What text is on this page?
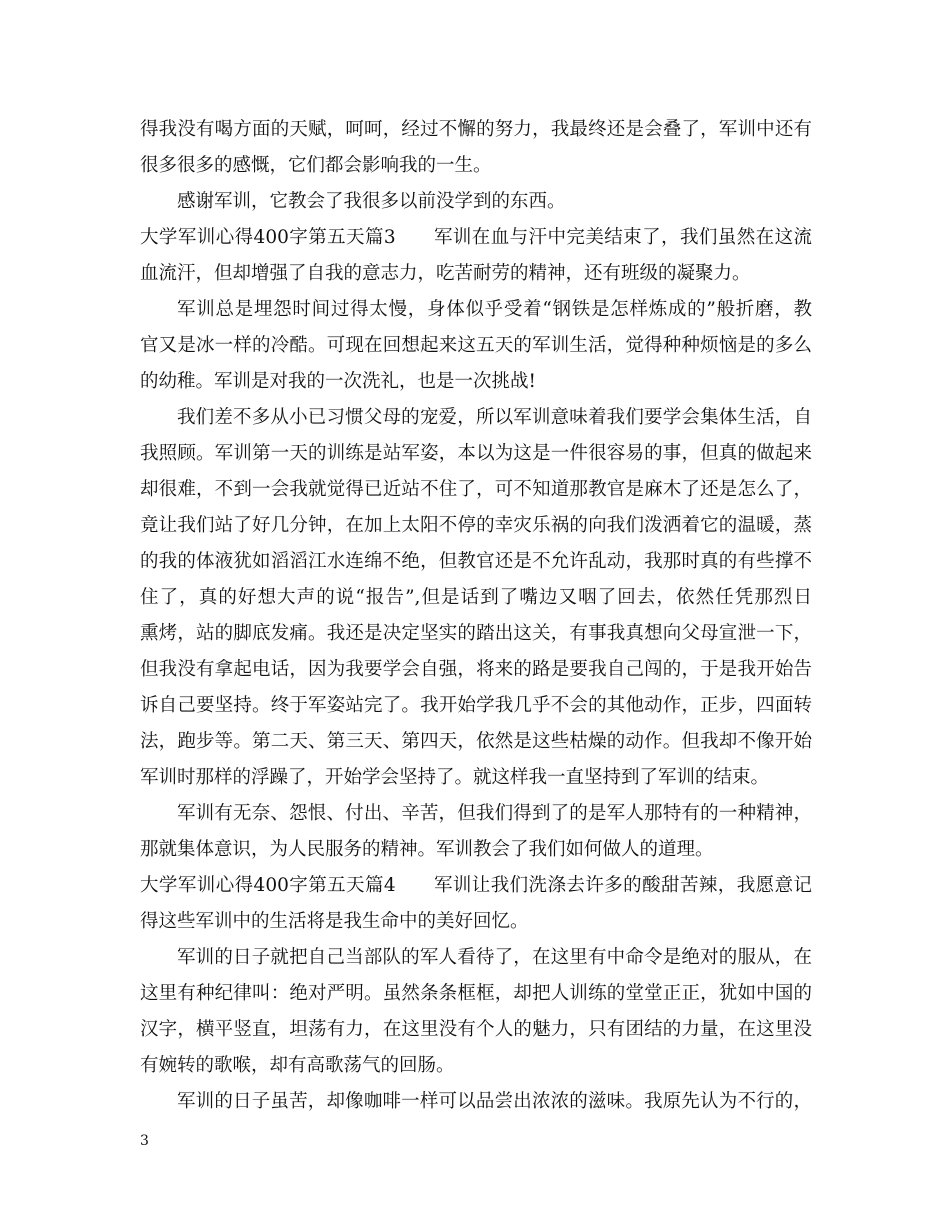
得我没有喝方面的天赋，呵呵，经过不懈的努力，我最终还是会叠了，军训中还有
很多很多的感慨，它们都会影响我的一生。
感谢军训，它教会了我很多以前没学到的东西。
大学军训心得400字第五天篇3　　军训在血与汗中完美结束了，我们虽然在这流
血流汗，但却增强了自我的意志力，吃苦耐劳的精神，还有班级的凝聚力。
军训总是埋怨时间过得太慢，身体似乎受着“钢铁是怎样炼成的”般折磨，教
官又是冰一样的冷酷。可现在回想起来这五天的军训生活，觉得种种烦恼是的多么
的幼稚。军训是对我的一次洗礼，也是一次挑战!
我们差不多从小已习惯父母的宠爱，所以军训意味着我们要学会集体生活，自
我照顾。军训第一天的训练是站军姿，本以为这是一件很容易的事，但真的做起来
却很难，不到一会我就觉得已近站不住了，可不知道那教官是麻木了还是怎么了，
竟让我们站了好几分钟，在加上太阳不停的幸灾乐祸的向我们泼洒着它的温暖，蒸
的我的体液犹如滔滔江水连绵不绝，但教官还是不允许乱动，我那时真的有些撑不
住了，真的好想大声的说“报告”,但是话到了嘴边又咽了回去，依然任凭那烈日
熏烤，站的脚底发痛。我还是决定坚实的踏出这关，有事我真想向父母宣泄一下，
但我没有拿起电话，因为我要学会自强，将来的路是要我自己闯的，于是我开始告
诉自己要坚持。终于军姿站完了。我开始学我几乎不会的其他动作，正步，四面转
法，跑步等。第二天、第三天、第四天，依然是这些枯燥的动作。但我却不像开始
军训时那样的浮躁了，开始学会坚持了。就这样我一直坚持到了军训的结束。
军训有无奈、怨恨、付出、辛苦，但我们得到了的是军人那特有的一种精神，
那就集体意识，为人民服务的精神。军训教会了我们如何做人的道理。
大学军训心得400字第五天篇4　　军训让我们洗涤去许多的酸甜苦辣，我愿意记
得这些军训中的生活将是我生命中的美好回忆。
军训的日子就把自己当部队的军人看待了，在这里有中命令是绝对的服从，在
这里有种纪律叫：绝对严明。虽然条条框框，却把人训练的堂堂正正，犹如中国的
汉字，横平竖直，坦荡有力，在这里没有个人的魅力，只有团结的力量，在这里没
有婉转的歌喉，却有高歌荡气的回肠。
军训的日子虽苦，却像咖啡一样可以品尝出浓浓的滋味。我原先认为不行的，
3
